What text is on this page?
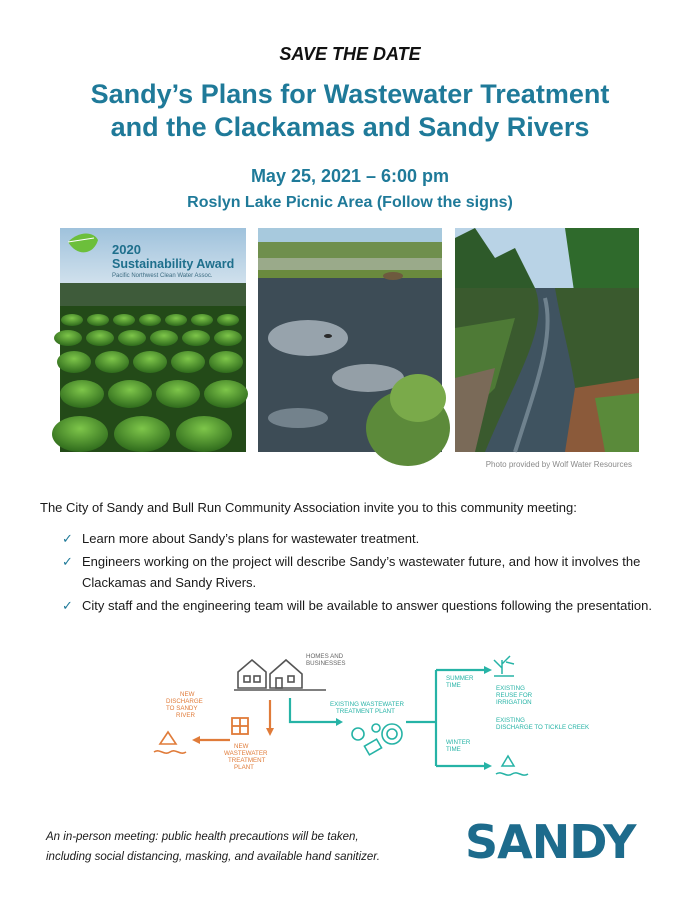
SAVE THE DATE
Sandy’s Plans for Wastewater Treatment
and the Clackamas and Sandy Rivers
May 25, 2021 – 6:00 pm
Roslyn Lake Picnic Area (Follow the signs)
2020
Sustainability Award
Pacific Northwest Clean Water Assoc.
Photo provided by Wolf Water Resources
The City of Sandy and Bull Run Community Association invite you to this community meeting:
✓ Learn more about Sandy’s plans for wastewater treatment.
✓ Engineers working on the project will describe Sandy’s wastewater future, and how it involves the Clackamas and Sandy Rivers.
✓ City staff and the engineering team will be available to answer questions following the presentation.
HOMES AND BUSINESSES
NEW WASTEWATER TREATMENT PLANT
NEW DISCHARGE TO SANDY RIVER
EXISTING WASTEWATER TREATMENT PLANT
SUMMER TIME
WINTER TIME
EXISTING REUSE FOR IRRIGATION
EXISTING DISCHARGE TO TICKLE CREEK
An in-person meeting: public health precautions will be taken,
including social distancing, masking, and available hand sanitizer.	SANDY
